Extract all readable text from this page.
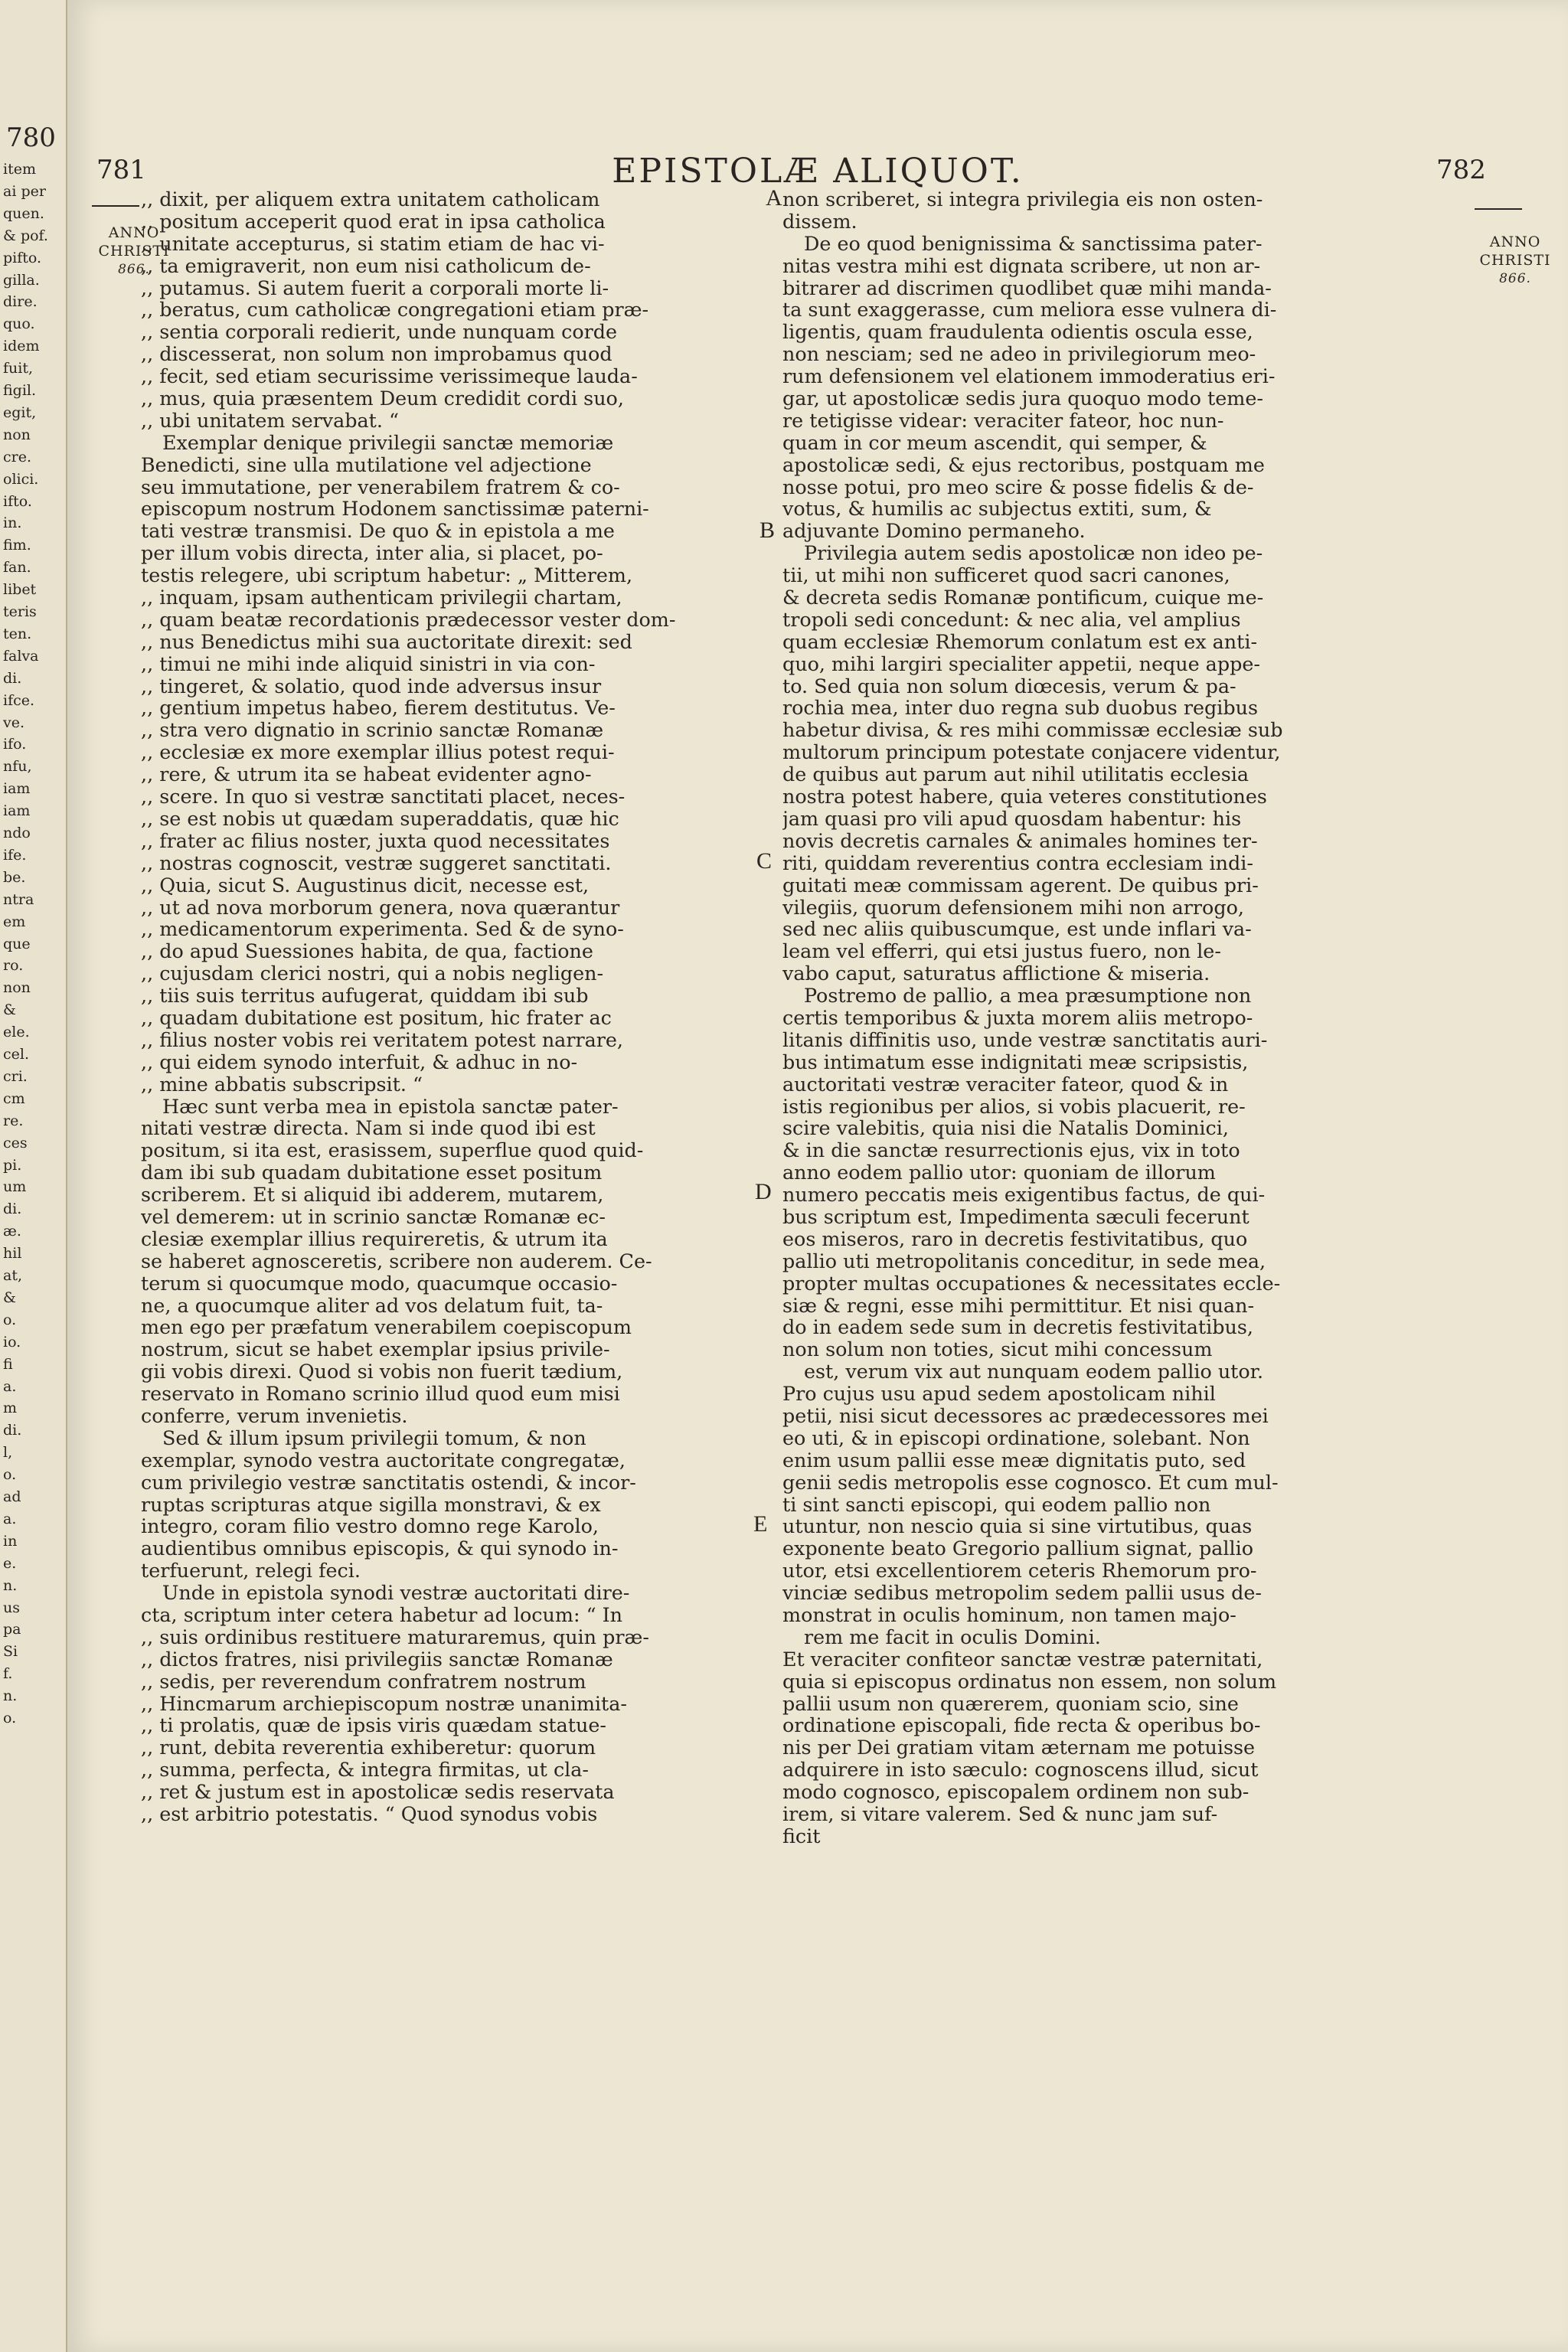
780
item
ai per
quen.
& pof.
pifto.
gilla.
dire.
quo.
idem
fuit,
figil.
egit,
non
cre.
olici.
ifto.
in.
fim.
fan.
libet
teris
ten.
falva
di.
ifce.
ve.
ifo.
nfu,
iam
iam
ndo
ife.
be.
ntra
em
que
ro.
non
&
ele.
cel.
cri.
cm
re.
ces
pi.
um
di.
æ.
hil
at,
&
o.
io.
fi
a.
m
di.
l,
o.
ad
a.
in
e.
n.
us
pa
Si
f.
n.
o.
781	EPISTOLÆ ALIQUOT.	782
ANNO
CHRISTI
866.
ANNO
CHRISTI
866.
,, dixit, per aliquem extra unitatem catholicam
,, positum acceperit quod erat in ipsa catholica
,, unitate accepturus, si statim etiam de hac vi-
,, ta emigraverit, non eum nisi catholicum de-
,, putamus. Si autem fuerit a corporali morte li-
,, beratus, cum catholicæ congregationi etiam præ-
,, sentia corporali redierit, unde nunquam corde
,, discesserat, non solum non improbamus quod
,, fecit, sed etiam securissime verissimeque lauda-
,, mus, quia præsentem Deum credidit cordi suo,
,, ubi unitatem servabat. “
Exemplar denique privilegii sanctæ memoriæ
Benedicti, sine ulla mutilatione vel adjectione
seu immutatione, per venerabilem fratrem & co-
episcopum nostrum Hodonem sanctissimæ paterni-
tati vestræ transmisi. De quo & in epistola a me
per illum vobis directa, inter alia, si placet, po-
testis relegere, ubi scriptum habetur: „ Mitterem,
,, inquam, ipsam authenticam privilegii chartam,
,, quam beatæ recordationis prædecessor vester dom-
,, nus Benedictus mihi sua auctoritate direxit: sed
,, timui ne mihi inde aliquid sinistri in via con-
,, tingeret, & solatio, quod inde adversus insur
,, gentium impetus habeo, fierem destitutus. Ve-
,, stra vero dignatio in scrinio sanctæ Romanæ
,, ecclesiæ ex more exemplar illius potest requi-
,, rere, & utrum ita se habeat evidenter agno-
,, scere. In quo si vestræ sanctitati placet, neces-
,, se est nobis ut quædam superaddatis, quæ hic
,, frater ac filius noster, juxta quod necessitates
,, nostras cognoscit, vestræ suggeret sanctitati.
,, Quia, sicut S. Augustinus dicit, necesse est,
,, ut ad nova morborum genera, nova quærantur
,, medicamentorum experimenta. Sed & de syno-
,, do apud Suessiones habita, de qua, factione
,, cujusdam clerici nostri, qui a nobis negligen-
,, tiis suis territus aufugerat, quiddam ibi sub
,, quadam dubitatione est positum, hic frater ac
,, filius noster vobis rei veritatem potest narrare,
,, qui eidem synodo interfuit, & adhuc in no-
,, mine abbatis subscripsit. “
Hæc sunt verba mea in epistola sanctæ pater-
nitati vestræ directa. Nam si inde quod ibi est
positum, si ita est, erasissem, superflue quod quid-
dam ibi sub quadam dubitatione esset positum
scriberem. Et si aliquid ibi adderem, mutarem,
vel demerem: ut in scrinio sanctæ Romanæ ec-
clesiæ exemplar illius requireretis, & utrum ita
se haberet agnosceretis, scribere non auderem. Ce-
terum si quocumque modo, quacumque occasio-
ne, a quocumque aliter ad vos delatum fuit, ta-
men ego per præfatum venerabilem coepiscopum
nostrum, sicut se habet exemplar ipsius privile-
gii vobis direxi. Quod si vobis non fuerit tædium,
reservato in Romano scrinio illud quod eum misi
conferre, verum invenietis.
Sed & illum ipsum privilegii tomum, & non
exemplar, synodo vestra auctoritate congregatæ,
cum privilegio vestræ sanctitatis ostendi, & incor-
ruptas scripturas atque sigilla monstravi, & ex
integro, coram filio vestro domno rege Karolo,
audientibus omnibus episcopis, & qui synodo in-
terfuerunt, relegi feci.
Unde in epistola synodi vestræ auctoritati dire-
cta, scriptum inter cetera habetur ad locum: “ In
,, suis ordinibus restituere maturaremus, quin præ-
,, dictos fratres, nisi privilegiis sanctæ Romanæ
,, sedis, per reverendum confratrem nostrum
,, Hincmarum archiepiscopum nostræ unanimita-
,, ti prolatis, quæ de ipsis viris quædam statue-
,, runt, debita reverentia exhiberetur: quorum
,, summa, perfecta, & integra firmitas, ut cla-
,, ret & justum est in apostolicæ sedis reservata
,, est arbitrio potestatis. “ Quod synodus vobis
non scriberet, si integra privilegia eis non osten-
dissem.
De eo quod benignissima & sanctissima pater-
nitas vestra mihi est dignata scribere, ut non ar-
bitrarer ad discrimen quodlibet quæ mihi manda-
ta sunt exaggerasse, cum meliora esse vulnera di-
ligentis, quam fraudulenta odientis oscula esse,
non nesciam; sed ne adeo in privilegiorum meo-
rum defensionem vel elationem immoderatius eri-
gar, ut apostolicæ sedis jura quoquo modo teme-
re tetigisse videar: veraciter fateor, hoc nun-
quam in cor meum ascendit, qui semper, &
apostolicæ sedi, & ejus rectoribus, postquam me
nosse potui, pro meo scire & posse fidelis & de-
votus, & humilis ac subjectus extiti, sum, &
adjuvante Domino permaneho.
Privilegia autem sedis apostolicæ non ideo pe-
tii, ut mihi non sufficeret quod sacri canones,
& decreta sedis Romanæ pontificum, cuique me-
tropoli sedi concedunt: & nec alia, vel amplius
quam ecclesiæ Rhemorum conlatum est ex anti-
quo, mihi largiri specialiter appetii, neque appe-
to. Sed quia non solum diœcesis, verum & pa-
rochia mea, inter duo regna sub duobus regibus
habetur divisa, & res mihi commissæ ecclesiæ sub
multorum principum potestate conjacere videntur,
de quibus aut parum aut nihil utilitatis ecclesia
nostra potest habere, quia veteres constitutiones
jam quasi pro vili apud quosdam habentur: his
novis decretis carnales & animales homines ter-
riti, quiddam reverentius contra ecclesiam indi-
guitati meæ commissam agerent. De quibus pri-
vilegiis, quorum defensionem mihi non arrogo,
sed nec aliis quibuscumque, est unde inflari va-
leam vel efferri, qui etsi justus fuero, non le-
vabo caput, saturatus afflictione & miseria.
Postremo de pallio, a mea præsumptione non
certis temporibus & juxta morem aliis metropo-
litanis diffinitis uso, unde vestræ sanctitatis auri-
bus intimatum esse indignitati meæ scripsistis,
auctoritati vestræ veraciter fateor, quod & in
istis regionibus per alios, si vobis placuerit, re-
scire valebitis, quia nisi die Natalis Dominici,
& in die sanctæ resurrectionis ejus, vix in toto
anno eodem pallio utor: quoniam de illorum
numero peccatis meis exigentibus factus, de qui-
bus scriptum est, Impedimenta sæculi fecerunt
eos miseros, raro in decretis festivitatibus, quo
pallio uti metropolitanis conceditur, in sede mea,
propter multas occupationes & necessitates eccle-
siæ & regni, esse mihi permittitur. Et nisi quan-
do in eadem sede sum in decretis festivitatibus,
non solum non toties, sicut mihi concessum
est, verum vix aut nunquam eodem pallio utor.
Pro cujus usu apud sedem apostolicam nihil
petii, nisi sicut decessores ac prædecessores mei
eo uti, & in episcopi ordinatione, solebant. Non
enim usum pallii esse meæ dignitatis puto, sed
genii sedis metropolis esse cognosco. Et cum mul-
ti sint sancti episcopi, qui eodem pallio non
utuntur, non nescio quia si sine virtutibus, quas
exponente beato Gregorio pallium signat, pallio
utor, etsi excellentiorem ceteris Rhemorum pro-
vinciæ sedibus metropolim sedem pallii usus de-
monstrat in oculis hominum, non tamen majo-
rem me facit in oculis Domini.
Et veraciter confiteor sanctæ vestræ paternitati,
quia si episcopus ordinatus non essem, non solum
pallii usum non quærerem, quoniam scio, sine
ordinatione episcopali, fide recta & operibus bo-
nis per Dei gratiam vitam æternam me potuisse
adquirere in isto sæculo: cognoscens illud, sicut
modo cognosco, episcopalem ordinem non sub-
irem, si vitare valerem. Sed & nunc jam suf-
ficit
A
B
C
D
E
